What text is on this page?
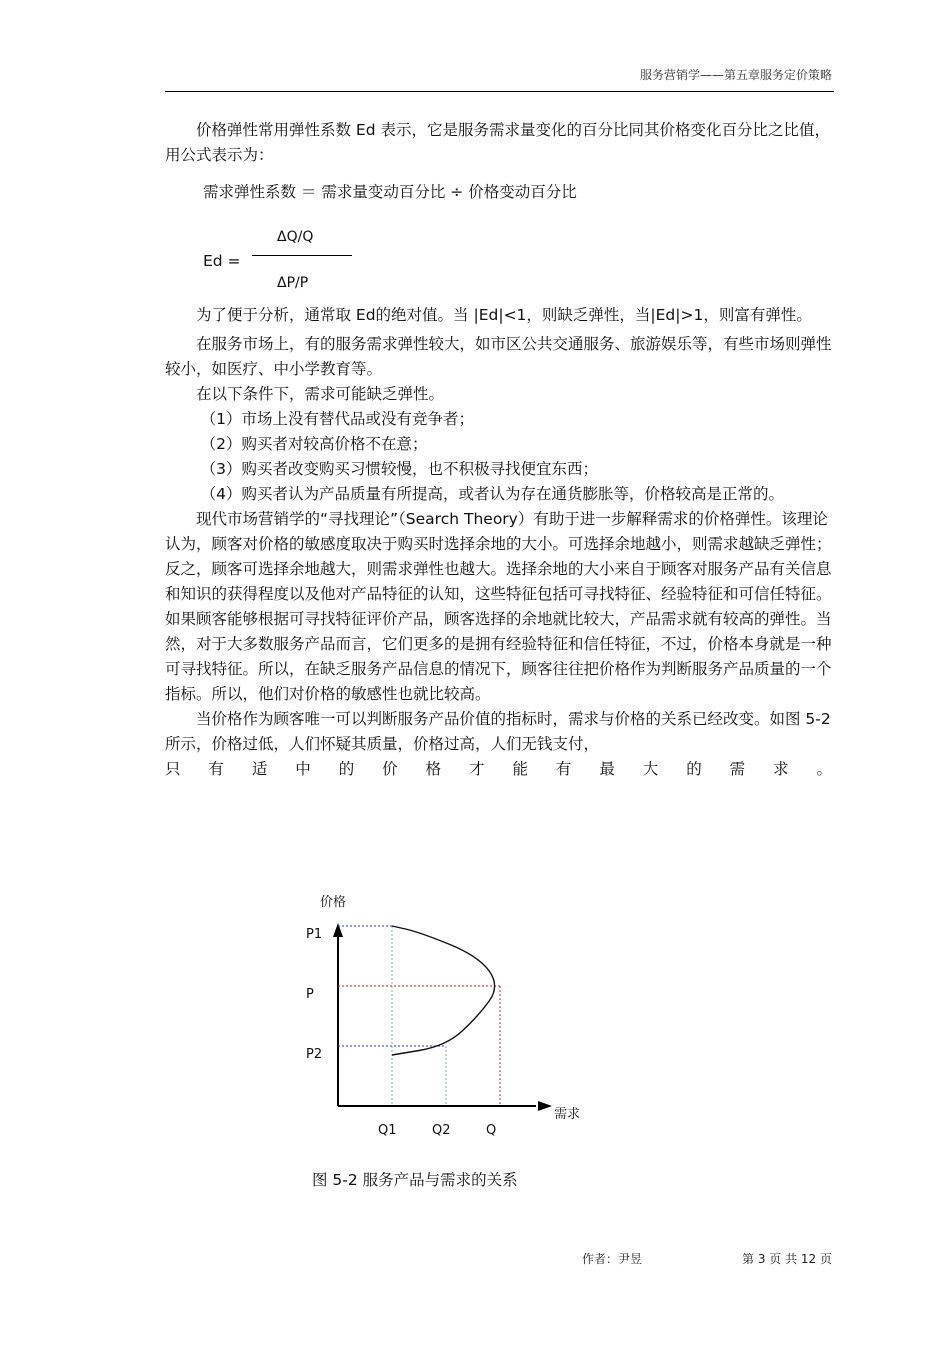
服务营销学——第五章服务定价策略

价格弹性常用弹性系数 Ed 表示，它是服务需求量变化的百分比同其价格变化百分比之比值，用公式表示为：

需求弹性系数 ＝ 需求量变动百分比 ÷ 价格变动百分比

Ed =
ΔQ/Q
ΔP/P

为了便于分析，通常取 Ed的绝对值。当 |Ed|<1，则缺乏弹性，当|Ed|>1，则富有弹性。

在服务市场上，有的服务需求弹性较大，如市区公共交通服务、旅游娱乐等，有些市场则弹性较小，如医疗、中小学教育等。

在以下条件下，需求可能缺乏弹性。

（1）市场上没有替代品或没有竞争者；

（2）购买者对较高价格不在意；

（3）购买者改变购买习惯较慢，也不积极寻找便宜东西；

（4）购买者认为产品质量有所提高，或者认为存在通货膨胀等，价格较高是正常的。

现代市场营销学的“寻找理论”（Search Theory）有助于进一步解释需求的价格弹性。该理论认为，顾客对价格的敏感度取决于购买时选择余地的大小。可选择余地越小，则需求越缺乏弹性；反之，顾客可选择余地越大，则需求弹性也越大。选择余地的大小来自于顾客对服务产品有关信息和知识的获得程度以及他对产品特征的认知，这些特征包括可寻找特征、经验特征和可信任特征。如果顾客能够根据可寻找特征评价产品，顾客选择的余地就比较大，产品需求就有较高的弹性。当然，对于大多数服务产品而言，它们更多的是拥有经验特征和信任特征，不过，价格本身就是一种可寻找特征。所以，在缺乏服务产品信息的情况下，顾客往往把价格作为判断服务产品质量的一个指标。所以，他们对价格的敏感性也就比较高。

当价格作为顾客唯一可以判断服务产品价值的指标时，需求与价格的关系已经改变。如图 5-2 所示，价格过低，人们怀疑其质量，价格过高，人们无钱支付，

只有适中的价格才能有最大的需求。

P2
P
P1
Q1	Q2	Q
价格
需求
图 5-2 服务产品与需求的关系
作者：尹昱	第 3 页 共 12 页
